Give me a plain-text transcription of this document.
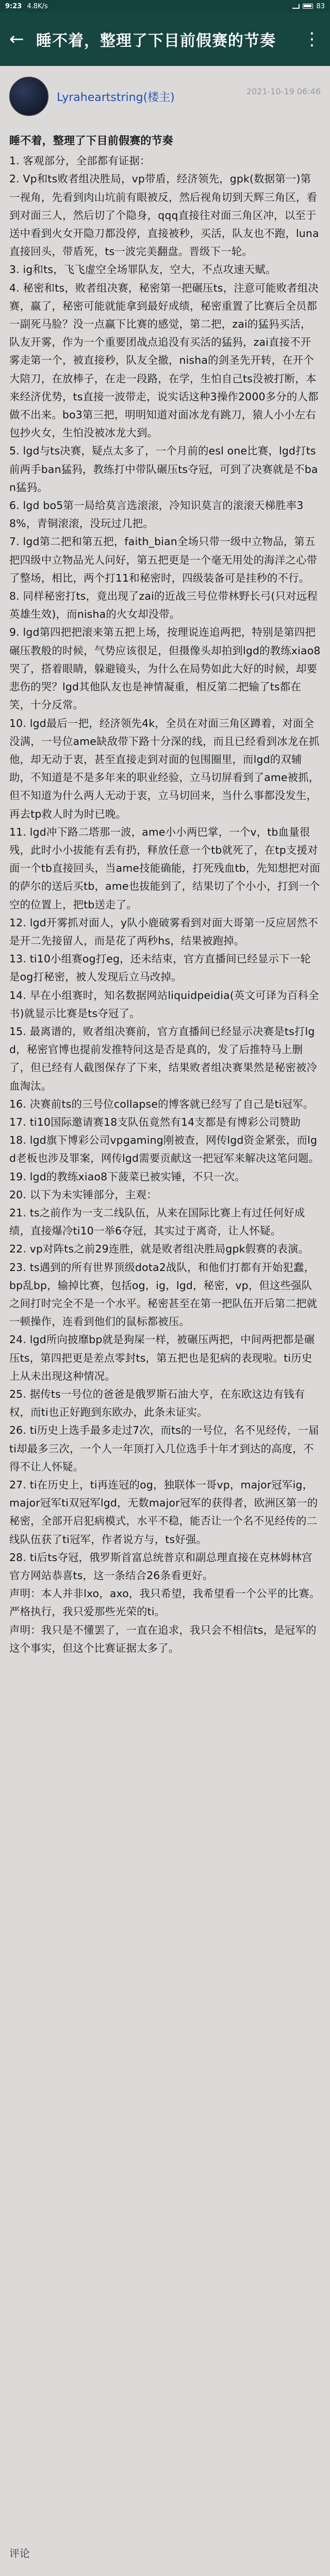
9:23 4.8K/s	83
← 睡不着，整理了下目前假赛的节奏	⋮
Lyraheartstring(楼主)	2021-10-19 06:46

睡不着，整理了下目前假赛的节奏

1. 客观部分，全部都有证据：

2. Vp和ts败者组决胜局，vp带盾，经济领先，gpk(数据第一)第一视角，先看到肉山坑前有眼被反，然后视角切到天辉三角区，看到对面三人，然后切了个隐身，qqq直接往对面三角区冲，以至于送中看到火女开隐刀都没停，直接被秒，买活，队友也不跑，luna直接回头，带盾死，ts一波完美翻盘。晋级下一轮。

3. ig和ts，飞飞虚空全场罪队友，空大，不点攻速天赋。

4. 秘密和ts，败者组决赛，秘密第一把碾压ts，注意可能败者组决赛，赢了，秘密可能就能拿到最好成绩，秘密重置了比赛后全员都一副死马脸？没一点赢下比赛的感觉，第二把，zai的猛犸买活，队友开雾，作为一个重要团战点追没有买活的猛犸，zai直接不开雾走第一个，被直接秒，队友全撤，nisha的剑圣先开转，在开个大陪刀，在放棒子，在走一段路，在学，生怕自己ts没被打断，本来经济优势，ts直接一波带走，说实话这种3操作2000多分的人都做不出来。bo3第三把，明明知道对面冰龙有跳刀，猿人小小左右包抄火女，生怕没被冰龙大到。

5. lgd与ts决赛，疑点太多了，一个月前的esl one比赛，lgd打ts前两手ban猛犸，教练打中带队碾压ts夺冠，可到了决赛就是不ban猛犸。

6. lgd bo5第一局给莫言选滚滚，冷知识莫言的滚滚天梯胜率38%，青铜滚滚，没玩过几把。

7. lgd第二把和第五把，faith_bian全场只带一级中立物品，第五把四级中立物品光人问好，第五把更是一个毫无用处的海洋之心带了整场，相比，两个打11和秘密时，四级装备可是挂秒的不行。

8. 同样秘密打ts，竟出现了zai的近战三号位带林野长弓(只对远程英雄生效)，而nisha的火女却没带。

9. lgd第四把把滚来第五把上场，按理说连追两把，特别是第四把碾压教般的时候，气势应该很足，但摄像头却拍到lgd的教练xiao8哭了，搭着眼睛，躲避镜头，为什么在局势如此大好的时候，却要悲伤的哭？lgd其他队友也是神情凝重，相反第二把输了ts都在笑，十分反常。

10. lgd最后一把，经济领先4k，全员在对面三角区蹲着，对面全没满，一号位ame缺敌带下路十分深的线，而且已经看到冰龙在抓他，却无动于衷，甚至直接走到对面的包围圈里，而lgd的双辅助，不知道是不是多年来的职业经验，立马切屏看到了ame被抓，但不知道为什么两人无动于衷，立马切回来，当什么事都没发生，再去tp救人时为时已晚。

11. lgd冲下路二塔那一波，ame小小两巴掌，一个v，tb血量很残，此时小小拔能有丢有扔，释放任意一个tb就死了，在tp支援对面一个tb直接回头，当ame技能确能，打死残血tb，先知想把对面的萨尔的送后买tb，ame也拔能到了，结果切了个小小，打到一个空的位置上，把tb送走了。

12. lgd开雾抓对面人，y队小鹿破雾看到对面大哥第一反应居然不是开二先接留人，而是花了两秒hs，结果被跑掉。

13. ti10小组赛og打eg，还未结束，官方直播间已经显示下一轮是og打秘密，被人发现后立马改掉。

14. 早在小组赛时，知名数据网站liquidpeidia(英文可译为百科全书)就显示比赛是ts夺冠了。

15. 最离谱的，败者组决赛前，官方直播间已经显示决赛是ts打lgd，秘密官博也提前发推特问这是否是真的，发了后推特马上删了，但已经有人截图保存了下来，结果败者组决赛果然是秘密被冷血淘汰。

16. 决赛前ts的三号位collapse的博客就已经写了自己是ti冠军。

17. ti10国际邀请赛18支队伍竟然有14支都是有博彩公司赞助

18. lgd旗下博彩公司vpgaming刚被查，网传lgd资金紧张，而lgd老板也涉及罪案，网传lgd需要贡献这一把冠军来解决这笔问题。

19. lgd的教练xiao8下菠菜已被实锤，不只一次。

20. 以下为未实锤部分，主观：

21. ts之前作为一支二线队伍，从来在国际比赛上有过任何好成绩，直接爆冷ti10一举6夺冠，其实过于离奇，让人怀疑。

22. vp对阵ts之前29连胜，就是败者组决胜局gpk假赛的表演。

23. ts遇到的所有世界顶级dota2战队，和他们打都有开始犯蠢，bp乱bp，输掉比赛，包括og，ig，lgd，秘密，vp，但这些强队之间打时完全不是一个水平。秘密甚至在第一把队伍开后第二把就一顿操作，连看到他们的鼠标都被压。

24. lgd所向披靡bp就是狗屎一样，被碾压两把，中间两把都是碾压ts，第四把更是差点零封ts，第五把也是犯病的表现啦。ti历史上从未出现这种情况。

25. 据传ts一号位的爸爸是俄罗斯石油大亨，在东欧这边有钱有权，而ti也正好跑到东欧办，此条未证实。

26. ti历史上选手最多走过7次，而ts的一号位，名不见经传，一届ti却最多三次，一个人一年顶打入几位选手十年才到达的高度，不得不让人怀疑。

27. ti在历史上，ti再连冠的og，独联体一哥vp，major冠军ig，major冠军ti双冠军lgd，无数major冠军的获得者，欧洲区第一的秘密，全部开启犯病模式，水平不稳，能否让一个名不见经传的二线队伍获了ti冠军，作者说方与，ts好强。

28. ti后ts夺冠，俄罗斯首富总统普京和副总理直接在克林姆林宫官方网站恭喜ts，这一条结合26条看更好。

声明：本人并非lxo，axo，我只希望，我希望看一个公平的比赛。严格执行，我只爱那些光荣的ti。

声明：我只是不懂罢了，一直在追求，我只会不相信ts，是冠军的这个事实，但这个比赛证据太多了。

评论
